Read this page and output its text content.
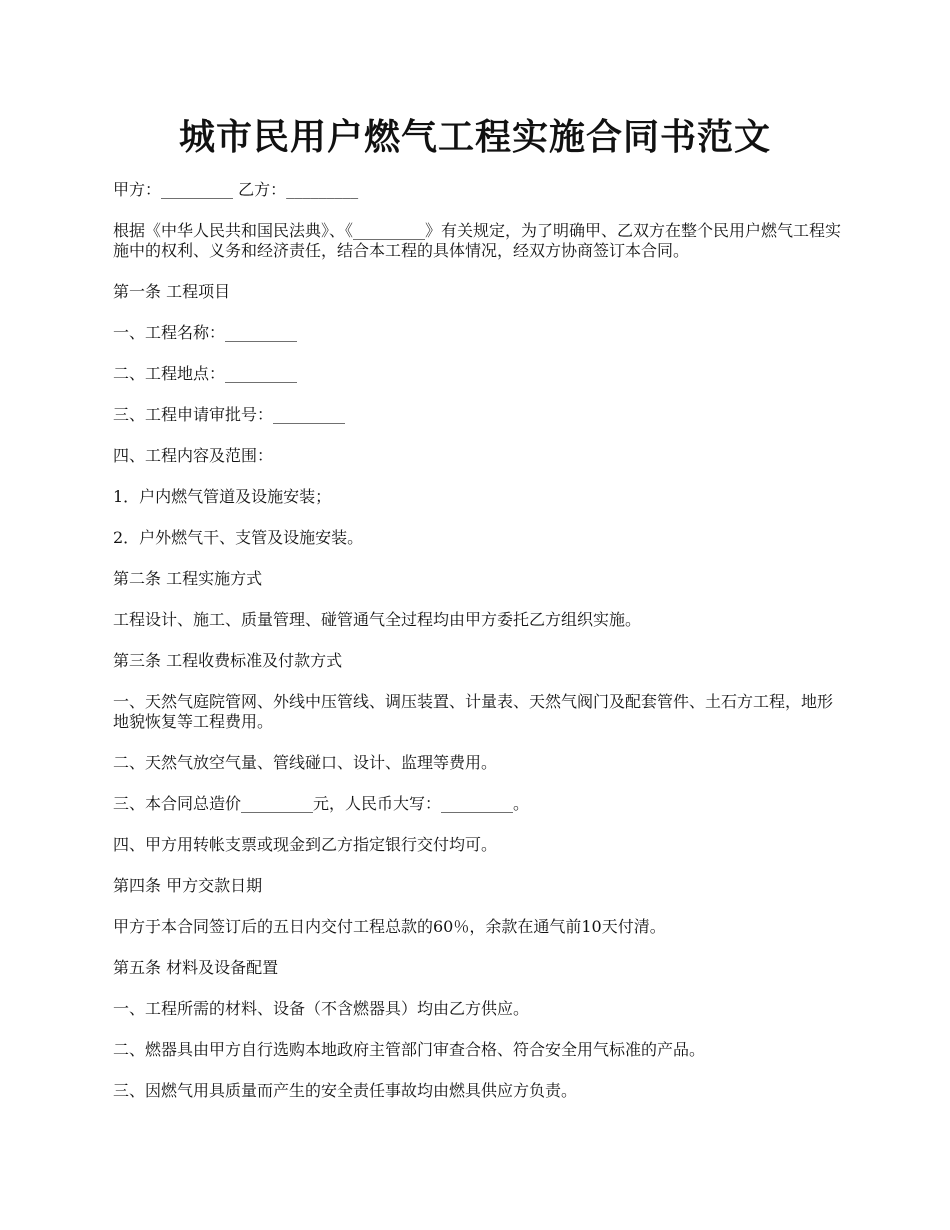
城市民用户燃气工程实施合同书范文

甲方：_________ 乙方：_________

根据《中华人民共和国民法典》、《_________》有关规定，为了明确甲、乙双方在整个民用户燃气工程实施中的权利、义务和经济责任，结合本工程的具体情况，经双方协商签订本合同。

第一条 工程项目

一、工程名称：_________

二、工程地点：_________

三、工程申请审批号：_________

四、工程内容及范围：

1．户内燃气管道及设施安装；

2．户外燃气干、支管及设施安装。

第二条 工程实施方式

工程设计、施工、质量管理、碰管通气全过程均由甲方委托乙方组织实施。

第三条 工程收费标准及付款方式

一、天然气庭院管网、外线中压管线、调压装置、计量表、天然气阀门及配套管件、土石方工程，地形地貌恢复等工程费用。

二、天然气放空气量、管线碰口、设计、监理等费用。

三、本合同总造价_________元，人民币大写：_________。

四、甲方用转帐支票或现金到乙方指定银行交付均可。

第四条 甲方交款日期

甲方于本合同签订后的五日内交付工程总款的60％，余款在通气前10天付清。

第五条 材料及设备配置

一、工程所需的材料、设备（不含燃器具）均由乙方供应。

二、燃器具由甲方自行选购本地政府主管部门审查合格、符合安全用气标准的产品。

三、因燃气用具质量而产生的安全责任事故均由燃具供应方负责。
